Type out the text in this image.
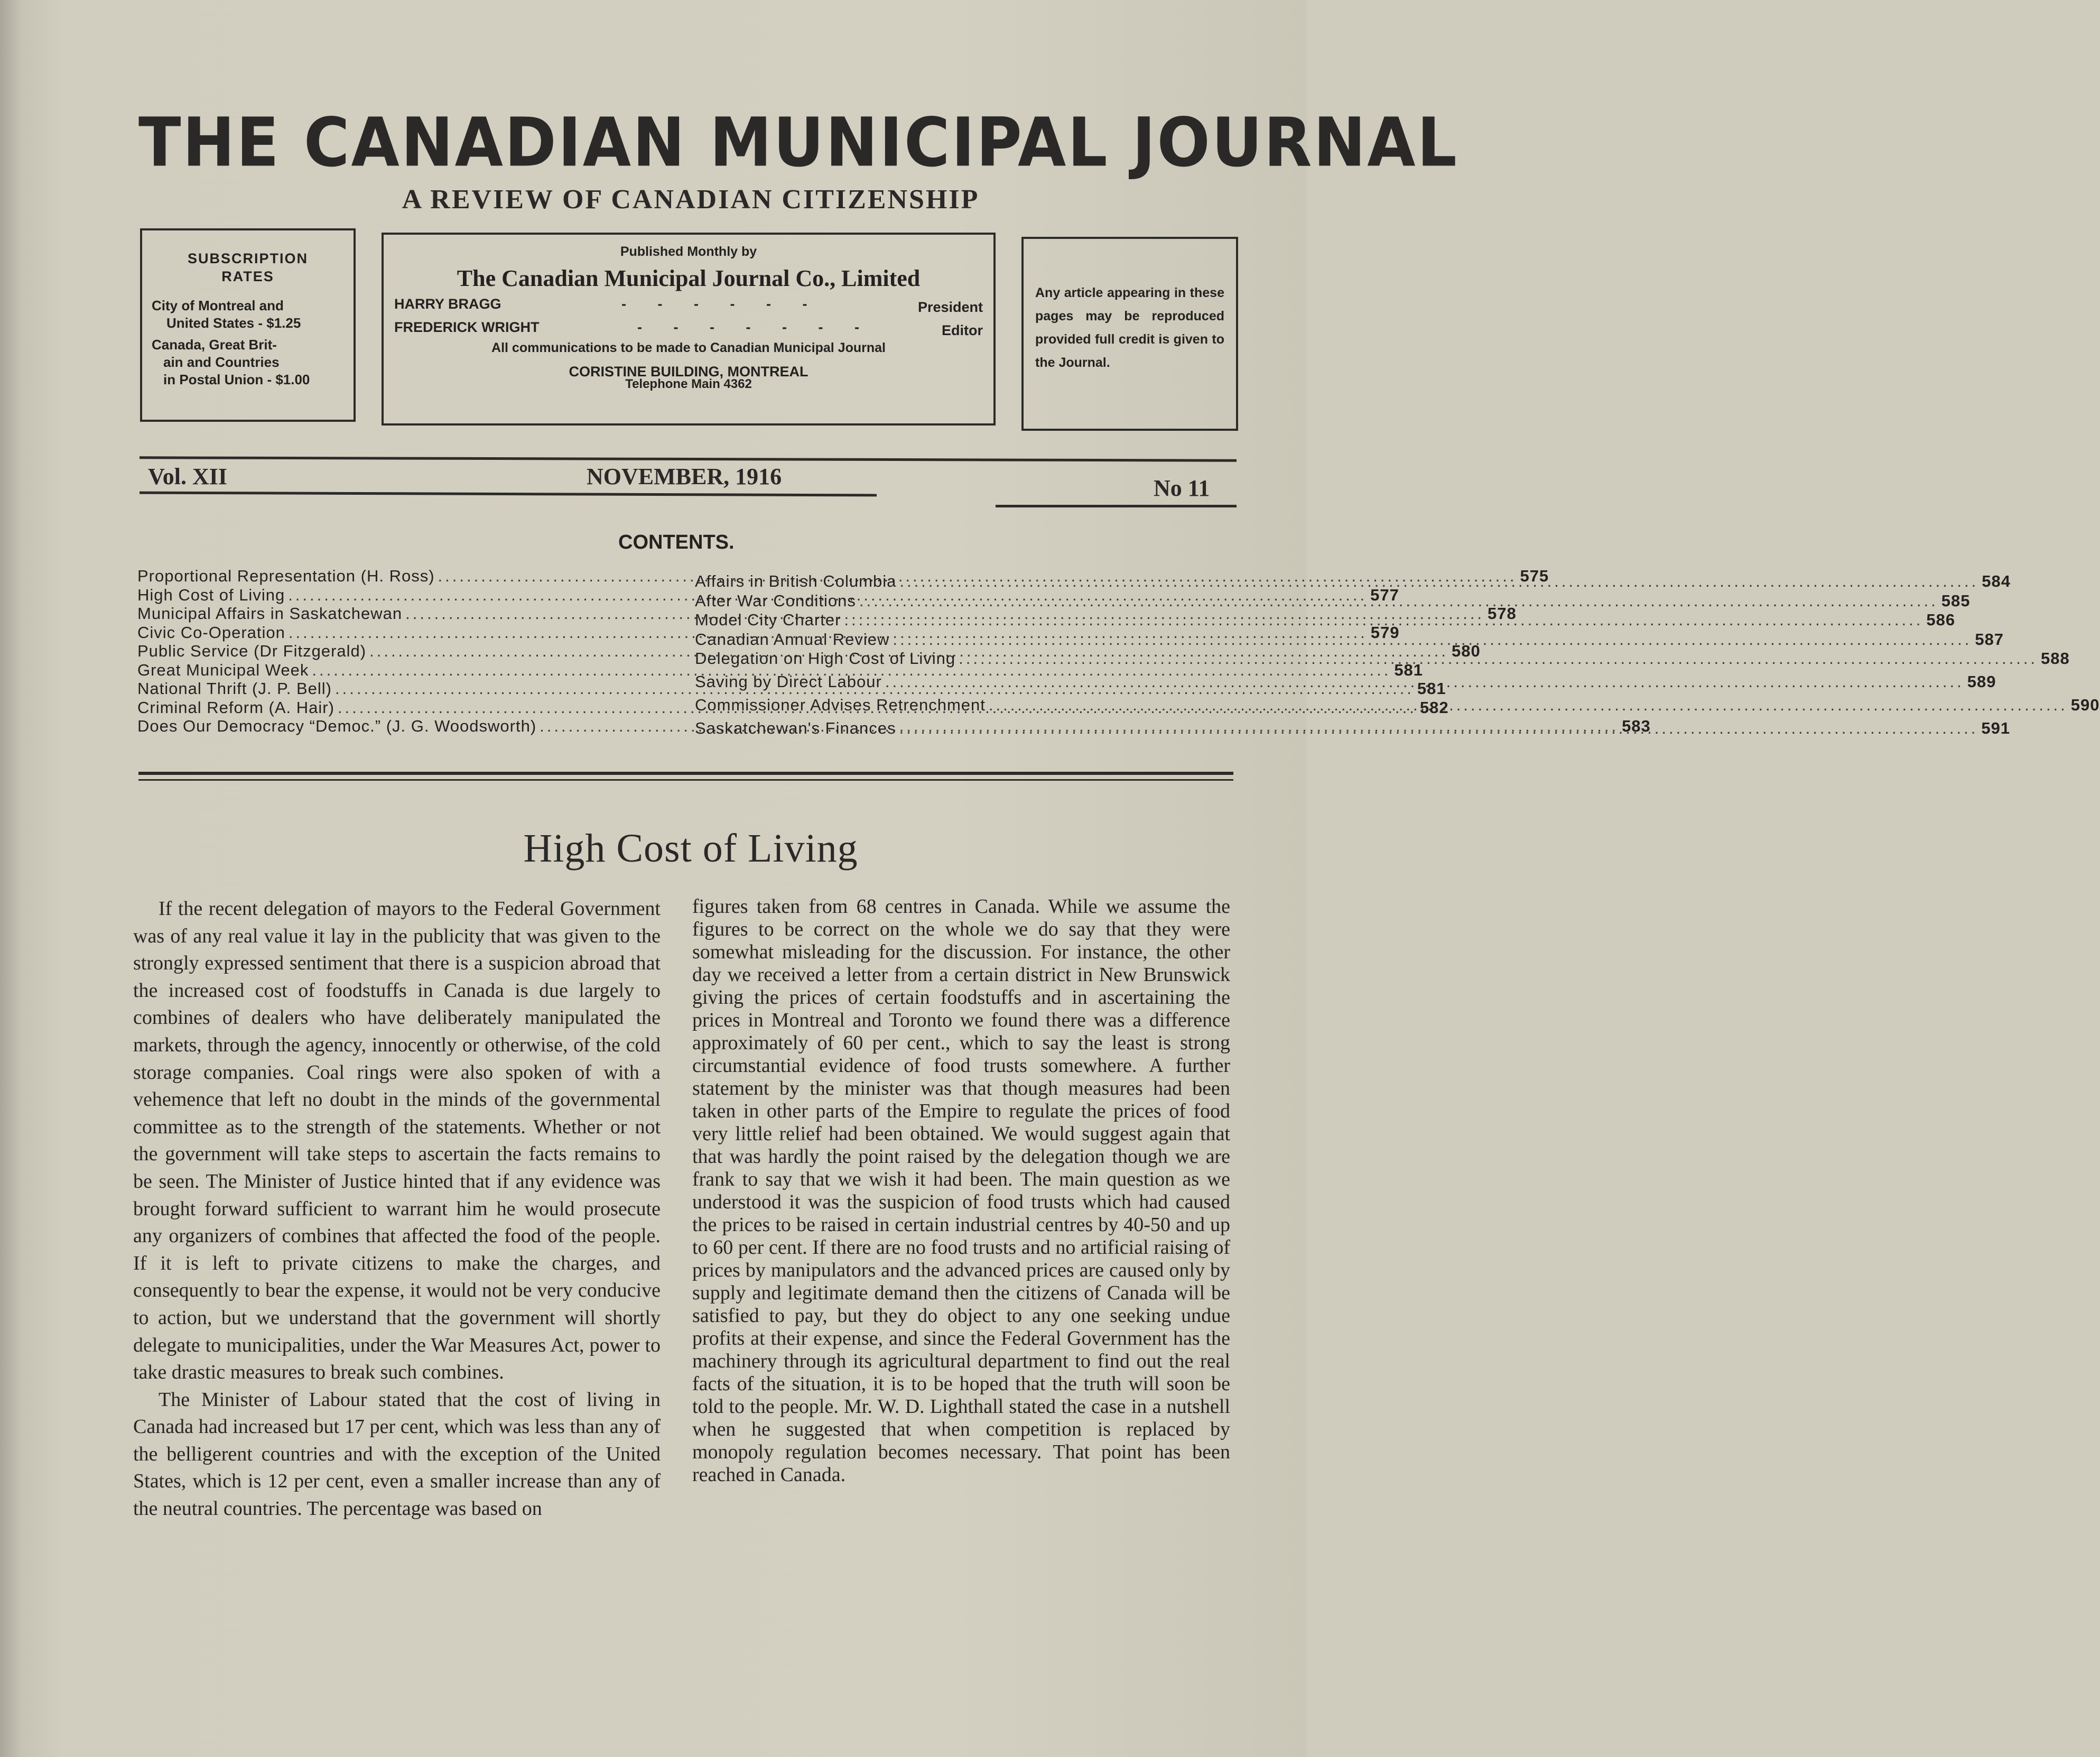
THE CANADIAN MUNICIPAL JOURNAL
A REVIEW OF CANADIAN CITIZENSHIP
SUBSCRIPTION
RATES
City of Montreal and
United States - $1.25
Canada, Great Brit-
ain and Countries
in Postal Union - $1.00
Published Monthly by
The Canadian Municipal Journal Co., Limited
HARRY BRAGG	- - - - - -	President
FREDERICK WRIGHT	- - - - - - -	Editor
All communications to be made to Canadian Municipal Journal
CORISTINE BUILDING, MONTREAL
Telephone Main 4362
Any article appearing in these pages may be reproduced provided full credit is given to the Journal.
Vol. XII	NOVEMBER, 1916	No 11
CONTENTS.
Proportional Representation (H. Ross) .....	575
High Cost of Living .....	577
Municipal Affairs in Saskatchewan .....	578
Civic Co-Operation .....	579
Public Service (Dr Fitzgerald) .....	580
Great Municipal Week .....	581
National Thrift (J. P. Bell) .....	581
Criminal Reform (A. Hair) .....	582
Does Our Democracy “Democ.” (J. G. Woodsworth) .....	583
Affairs in British Columbia .....	584
After War Conditions .....	585
Model City Charter .....	586
Canadian Annual Review .....	587
Delegation on High Cost of Living .....	588
Saving by Direct Labour .....	589
Commissioner Advises Retrenchment .....	590
Saskatchewan's Finances .....	591
High Cost of Living

If the recent delegation of mayors to the Federal Government was of any real value it lay in the publicity that was given to the strongly expressed sentiment that there is a suspicion abroad that the increased cost of foodstuffs in Canada is due largely to combines of dealers who have deliberately manipulated the markets, through the agency, innocently or otherwise, of the cold storage companies. Coal rings were also spoken of with a vehemence that left no doubt in the minds of the governmental committee as to the strength of the statements. Whether or not the government will take steps to ascertain the facts remains to be seen. The Minister of Justice hinted that if any evidence was brought forward sufficient to warrant him he would prosecute any organizers of combines that affected the food of the people. If it is left to private citizens to make the charges, and consequently to bear the expense, it would not be very conducive to action, but we understand that the government will shortly delegate to municipalities, under the War Measures Act, power to take drastic measures to break such combines.

The Minister of Labour stated that the cost of living in Canada had increased but 17 per cent, which was less than any of the belligerent countries and with the exception of the United States, which is 12 per cent, even a smaller increase than any of the neutral countries. The percentage was based on

figures taken from 68 centres in Canada. While we assume the figures to be correct on the whole we do say that they were somewhat misleading for the discussion. For instance, the other day we received a letter from a certain district in New Brunswick giving the prices of certain foodstuffs and in ascertaining the prices in Montreal and Toronto we found there was a difference approximately of 60 per cent., which to say the least is strong circumstantial evidence of food trusts somewhere. A further statement by the minister was that though measures had been taken in other parts of the Empire to regulate the prices of food very little relief had been obtained. We would suggest again that that was hardly the point raised by the delegation though we are frank to say that we wish it had been. The main question as we understood it was the suspicion of food trusts which had caused the prices to be raised in certain industrial centres by 40-50 and up to 60 per cent. If there are no food trusts and no artificial raising of prices by manipulators and the advanced prices are caused only by supply and legitimate demand then the citizens of Canada will be satisfied to pay, but they do object to any one seeking undue profits at their expense, and since the Federal Government has the machinery through its agricultural department to find out the real facts of the situation, it is to be hoped that the truth will soon be told to the people. Mr. W. D. Lighthall stated the case in a nutshell when he suggested that when competition is replaced by monopoly regulation becomes necessary. That point has been reached in Canada.
